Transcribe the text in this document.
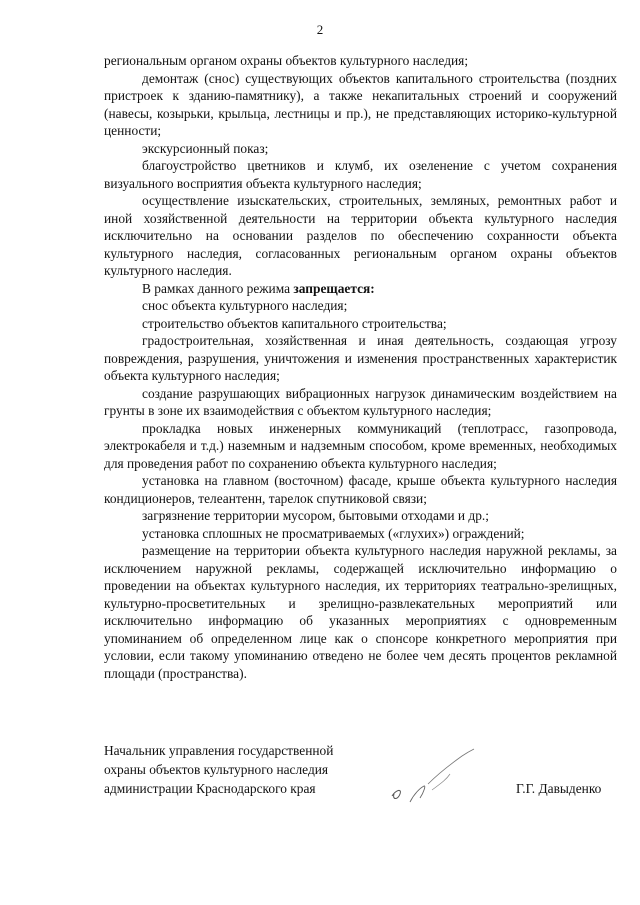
2

региональным органом охраны объектов культурного наследия;

демонтаж (снос) существующих объектов капитального строительства (поздних пристроек к зданию-памятнику), а также некапитальных строений и сооружений (навесы, козырьки, крыльца, лестницы и пр.), не представляющих историко-культурной ценности;

экскурсионный показ;

благоустройство цветников и клумб, их озеленение с учетом сохранения визуального восприятия объекта культурного наследия;

осуществление изыскательских, строительных, земляных, ремонтных работ и иной хозяйственной деятельности на территории объекта культурного наследия исключительно на основании разделов по обеспечению сохранности объекта культурного наследия, согласованных региональным органом охраны объектов культурного наследия.

В рамках данного режима запрещается:

снос объекта культурного наследия;

строительство объектов капитального строительства;

градостроительная, хозяйственная и иная деятельность, создающая угрозу повреждения, разрушения, уничтожения и изменения пространственных характеристик объекта культурного наследия;

создание разрушающих вибрационных нагрузок динамическим воздействием на грунты в зоне их взаимодействия с объектом культурного наследия;

прокладка новых инженерных коммуникаций (теплотрасс, газопровода, электрокабеля и т.д.) наземным и надземным способом, кроме временных, необходимых для проведения работ по сохранению объекта культурного наследия;

установка на главном (восточном) фасаде, крыше объекта культурного наследия кондиционеров, телеантенн, тарелок спутниковой связи;

загрязнение территории мусором, бытовыми отходами и др.;

установка сплошных не просматриваемых («глухих») ограждений;

размещение на территории объекта культурного наследия наружной рекламы, за исключением наружной рекламы, содержащей исключительно информацию о проведении на объектах культурного наследия, их территориях театрально-зрелищных, культурно-просветительных и зрелищно-развлекательных мероприятий или исключительно информацию об указанных мероприятиях с одновременным упоминанием об определенном лице как о спонсоре конкретного мероприятия при условии, если такому упоминанию отведено не более чем десять процентов рекламной площади (пространства).

Начальник управления государственной
охраны объектов культурного наследия
администрации Краснодарского края	Г.Г. Давыденко
